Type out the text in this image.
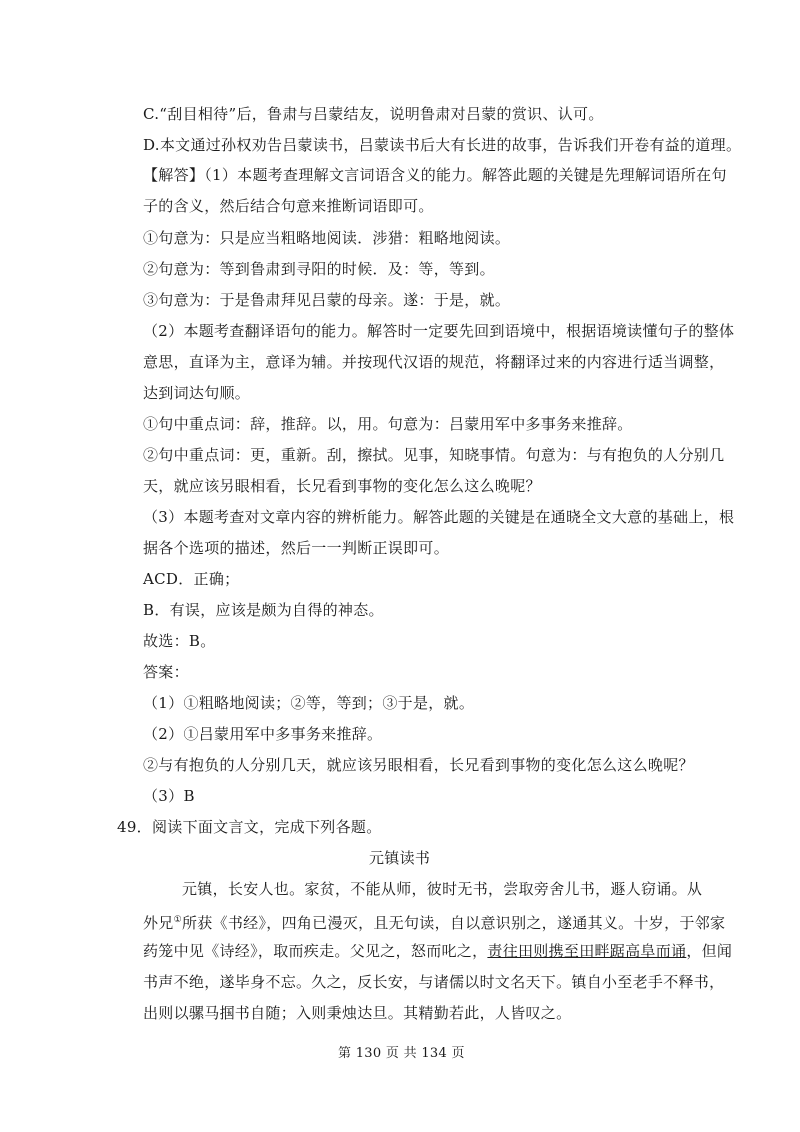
C.“刮目相待”后，鲁肃与吕蒙结友，说明鲁肃对吕蒙的赏识、认可。
D.本文通过孙权劝告吕蒙读书，吕蒙读书后大有长进的故事，告诉我们开卷有益的道理。
【解答】（1）本题考查理解文言词语含义的能力。解答此题的关键是先理解词语所在句
子的含义，然后结合句意来推断词语即可。
①句意为：只是应当粗略地阅读．涉猎：粗略地阅读。
②句意为：等到鲁肃到寻阳的时候．及：等，等到。
③句意为：于是鲁肃拜见吕蒙的母亲。遂：于是，就。
（2）本题考查翻译语句的能力。解答时一定要先回到语境中，根据语境读懂句子的整体
意思，直译为主，意译为辅。并按现代汉语的规范，将翻译过来的内容进行适当调整，
达到词达句顺。
①句中重点词：辞，推辞。以，用。句意为：吕蒙用军中多事务来推辞。
②句中重点词：更，重新。刮，擦拭。见事，知晓事情。句意为：与有抱负的人分别几
天，就应该另眼相看，长兄看到事物的变化怎么这么晚呢？
（3）本题考查对文章内容的辨析能力。解答此题的关键是在通晓全文大意的基础上，根
据各个选项的描述，然后一一判断正误即可。
ACD．正确；
B．有误，应该是颇为自得的神态。
故选：B。
答案：
（1）①粗略地阅读；②等，等到；③于是，就。
（2）①吕蒙用军中多事务来推辞。
②与有抱负的人分别几天，就应该另眼相看，长兄看到事物的变化怎么这么晚呢？
（3）B
49．阅读下面文言文，完成下列各题。
元镇读书
元镇，长安人也。家贫，不能从师，彼时无书，尝取旁舍儿书，遯人窃诵。从
外兄①所获《书经》，四角已漫灭，且无句读，自以意识别之，遂通其义。十岁，于邻家
药笼中见《诗经》，取而疾走。父见之，怒而叱之，责往田则携至田畔踞高阜而诵，但闻
书声不绝，遂毕身不忘。久之，反长安，与诸儒以时文名天下。镇自小至老手不释书，
出则以骡马掴书自随；入则秉烛达旦。其精勤若此，人皆叹之。
第 130 页 共 134 页
